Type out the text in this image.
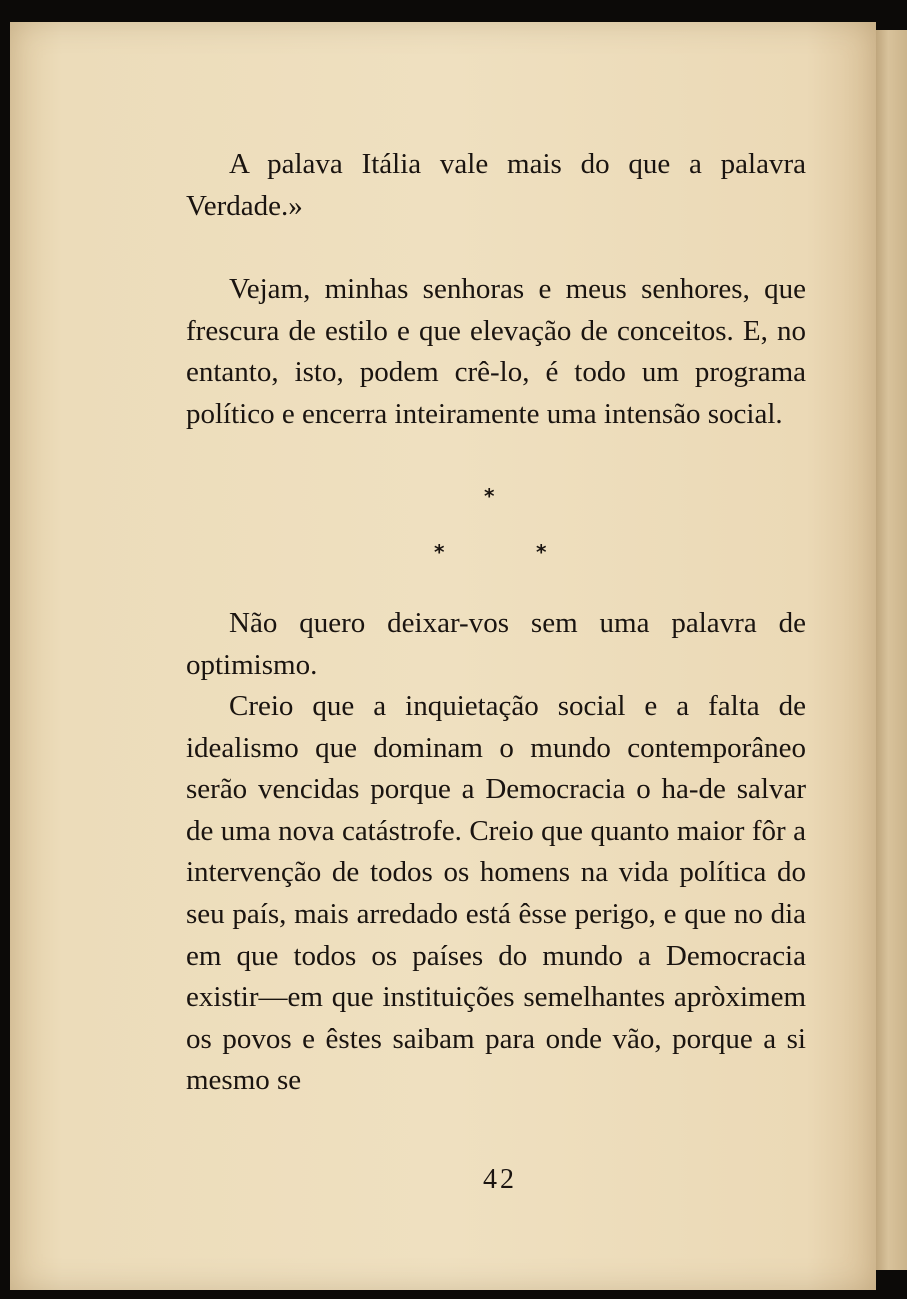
A palava Itália vale mais do que a palavra Verdade.»

Vejam, minhas senhoras e meus senhores, que frescura de estilo e que elevação de conceitos. E, no entanto, isto, podem crê-lo, é todo um programa político e encerra inteiramente uma intensão social.

*
*	*

Não quero deixar-vos sem uma palavra de optimismo.

Creio que a inquietação social e a falta de idealismo que dominam o mundo contemporâneo serão vencidas porque a Democracia o ha-de salvar de uma nova catástrofe. Creio que quanto maior fôr a intervenção de todos os homens na vida política do seu país, mais arredado está êsse perigo, e que no dia em que todos os países do mundo a Democracia existir—em que instituições semelhantes apròximem os povos e êstes saibam para onde vão, porque a si mesmo se

42
